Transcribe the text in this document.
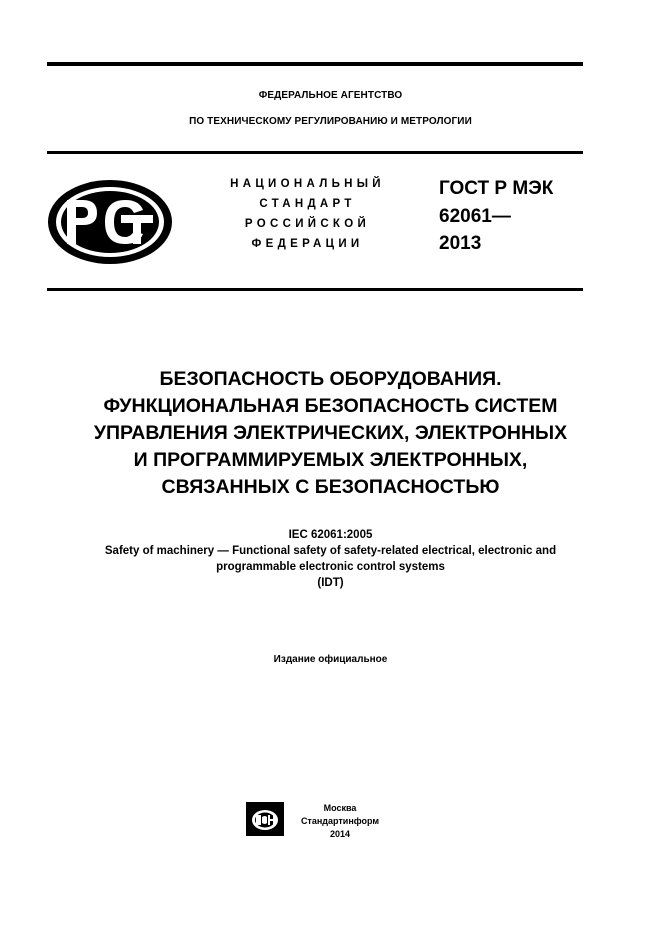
ФЕДЕРАЛЬНОЕ АГЕНТСТВО
ПО ТЕХНИЧЕСКОМУ РЕГУЛИРОВАНИЮ И МЕТРОЛОГИИ
НАЦИОНАЛЬНЫЙ
СТАНДАРТ
РОССИЙСКОЙ
ФЕДЕРАЦИИ
ГОСТ Р МЭК
62061—
2013
БЕЗОПАСНОСТЬ ОБОРУДОВАНИЯ.
ФУНКЦИОНАЛЬНАЯ БЕЗОПАСНОСТЬ СИСТЕМ
УПРАВЛЕНИЯ ЭЛЕКТРИЧЕСКИХ, ЭЛЕКТРОННЫХ
И ПРОГРАММИРУЕМЫХ ЭЛЕКТРОННЫХ,
СВЯЗАННЫХ С БЕЗОПАСНОСТЬЮ
IEC 62061:2005
Safety of machinery — Functional safety of safety-related electrical, electronic and
programmable electronic control systems
(IDT)
Издание официальное
Москва
Стандартинформ
2014
